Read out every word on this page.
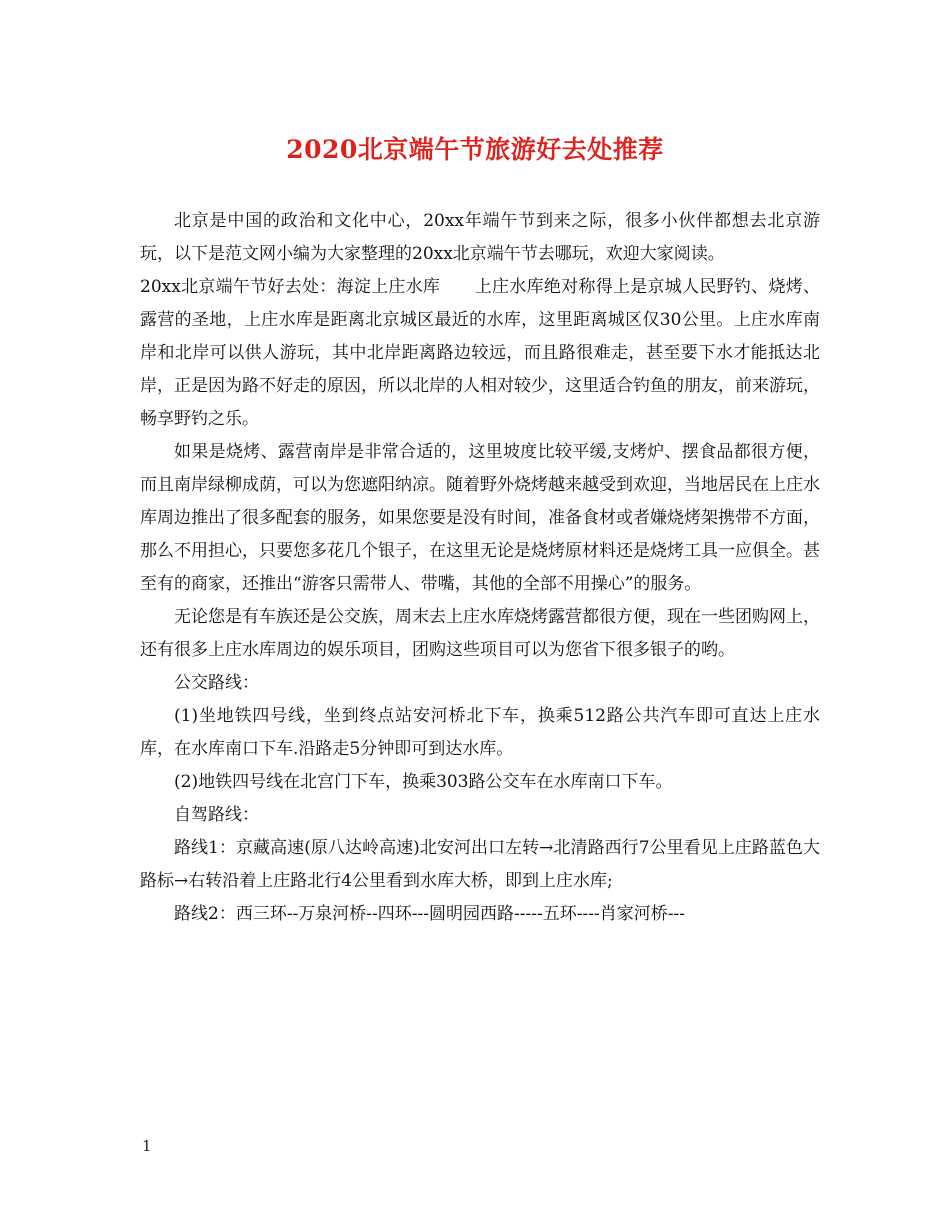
2020北京端午节旅游好去处推荐

北京是中国的政治和文化中心，20xx年端午节到来之际，很多小伙伴都想去北京游玩，以下是范文网小编为大家整理的20xx北京端午节去哪玩，欢迎大家阅读。

20xx北京端午节好去处：海淀上庄水库　　上庄水库绝对称得上是京城人民野钓、烧烤、露营的圣地，上庄水库是距离北京城区最近的水库，这里距离城区仅30公里。上庄水库南岸和北岸可以供人游玩，其中北岸距离路边较远，而且路很难走，甚至要下水才能抵达北岸，正是因为路不好走的原因，所以北岸的人相对较少，这里适合钓鱼的朋友，前来游玩，畅享野钓之乐。

如果是烧烤、露营南岸是非常合适的，这里坡度比较平缓,支烤炉、摆食品都很方便，而且南岸绿柳成荫，可以为您遮阳纳凉。随着野外烧烤越来越受到欢迎，当地居民在上庄水库周边推出了很多配套的服务，如果您要是没有时间，准备食材或者嫌烧烤架携带不方面，那么不用担心，只要您多花几个银子，在这里无论是烧烤原材料还是烧烤工具一应俱全。甚至有的商家，还推出“游客只需带人、带嘴，其他的全部不用操心”的服务。

无论您是有车族还是公交族，周末去上庄水库烧烤露营都很方便，现在一些团购网上，还有很多上庄水库周边的娱乐项目，团购这些项目可以为您省下很多银子的哟。

公交路线：

(1)坐地铁四号线，坐到终点站安河桥北下车，换乘512路公共汽车即可直达上庄水库，在水库南口下车.沿路走5分钟即可到达水库。

(2)地铁四号线在北宫门下车，换乘303路公交车在水库南口下车。

自驾路线：

路线1：京藏高速(原八达岭高速)北安河出口左转→北清路西行7公里看见上庄路蓝色大路标→右转沿着上庄路北行4公里看到水库大桥，即到上庄水库;

路线2：西三环--万泉河桥--四环---圆明园西路-----五环----肖家河桥---

1
